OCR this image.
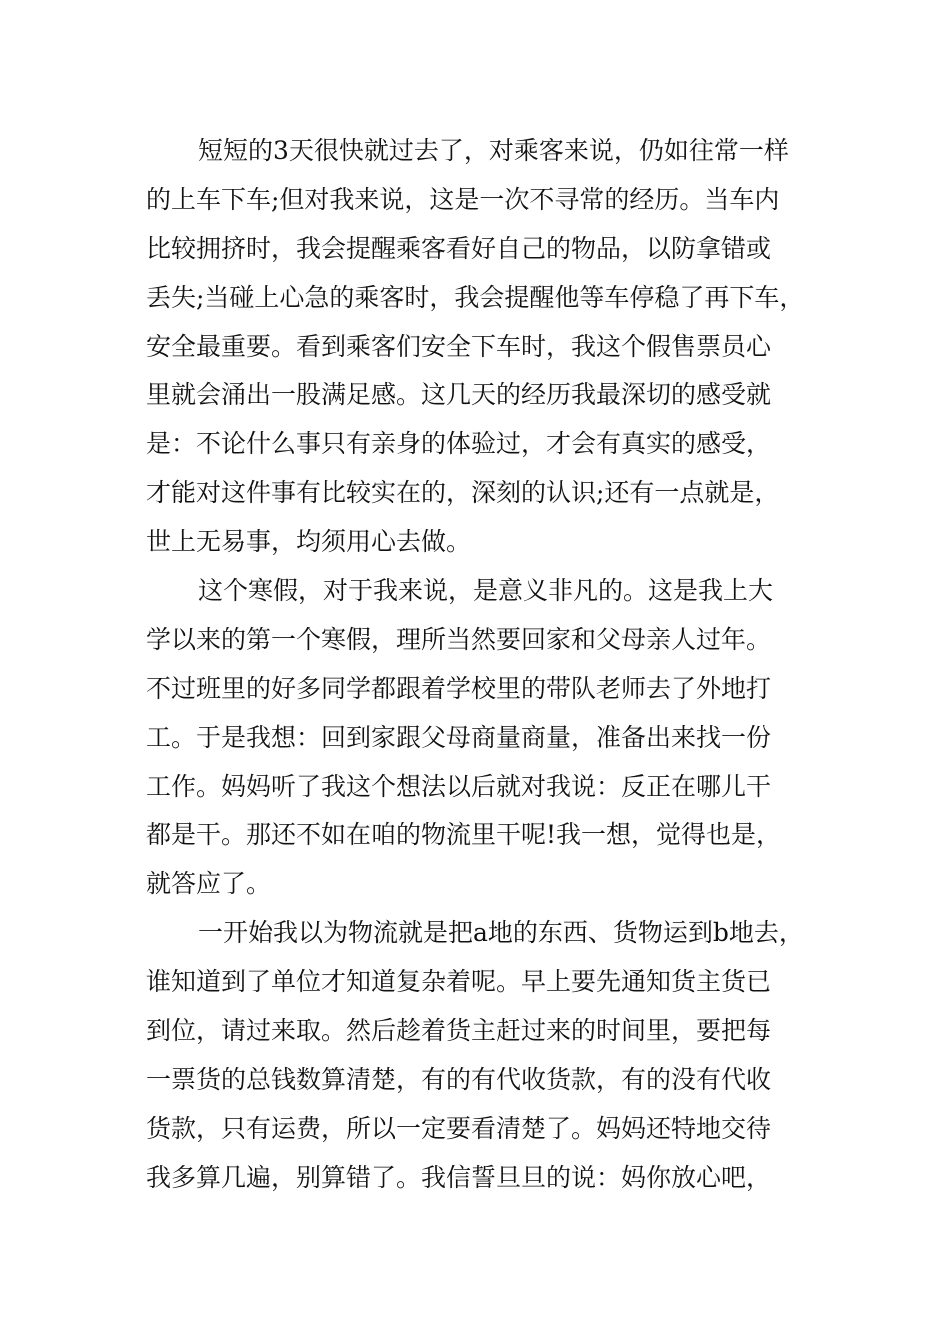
短短的3天很快就过去了，对乘客来说，仍如往常一样
的上车下车;但对我来说，这是一次不寻常的经历。当车内
比较拥挤时，我会提醒乘客看好自己的物品，以防拿错或
丢失;当碰上心急的乘客时，我会提醒他等车停稳了再下车，
安全最重要。看到乘客们安全下车时，我这个假售票员心
里就会涌出一股满足感。这几天的经历我最深切的感受就
是：不论什么事只有亲身的体验过，才会有真实的感受，
才能对这件事有比较实在的，深刻的认识;还有一点就是，
世上无易事，均须用心去做。
这个寒假，对于我来说，是意义非凡的。这是我上大
学以来的第一个寒假，理所当然要回家和父母亲人过年。
不过班里的好多同学都跟着学校里的带队老师去了外地打
工。于是我想：回到家跟父母商量商量，准备出来找一份
工作。妈妈听了我这个想法以后就对我说：反正在哪儿干
都是干。那还不如在咱的物流里干呢!我一想，觉得也是，
就答应了。
一开始我以为物流就是把a地的东西、货物运到b地去，
谁知道到了单位才知道复杂着呢。早上要先通知货主货已
到位，请过来取。然后趁着货主赶过来的时间里，要把每
一票货的总钱数算清楚，有的有代收货款，有的没有代收
货款，只有运费，所以一定要看清楚了。妈妈还特地交待
我多算几遍，别算错了。我信誓旦旦的说：妈你放心吧，
